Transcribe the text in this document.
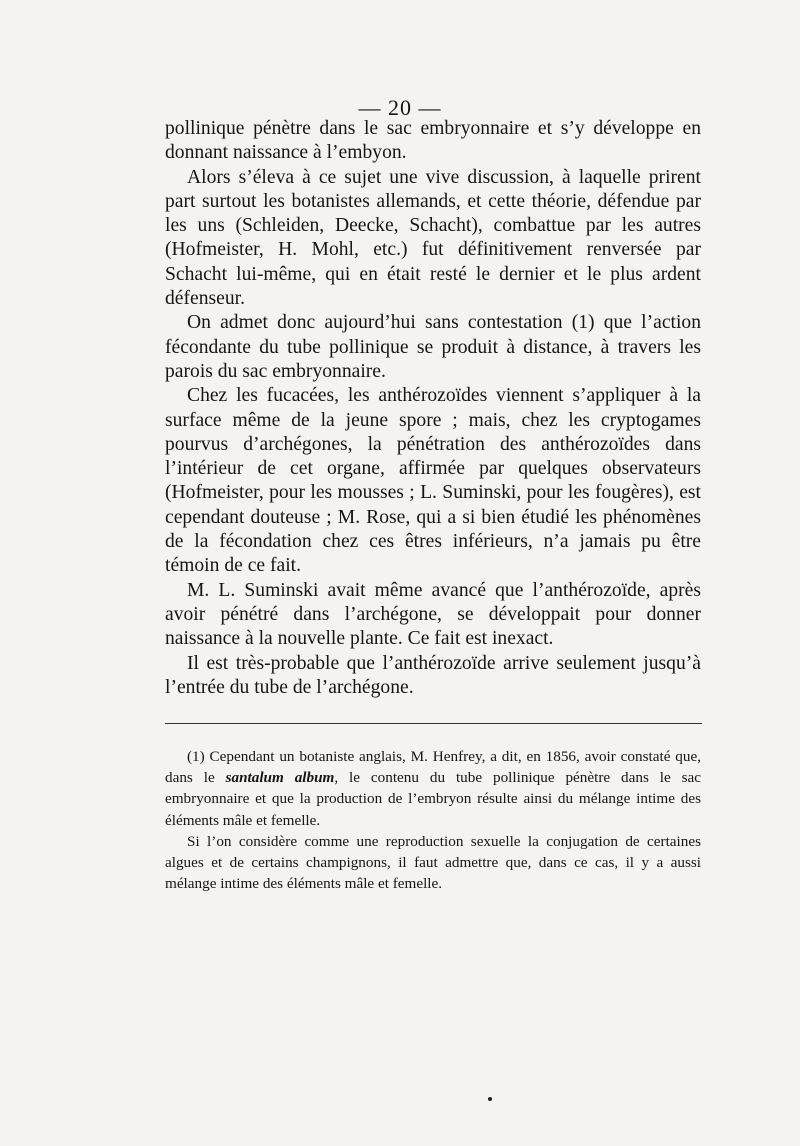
— 20 —

pollinique pénètre dans le sac embryonnaire et s’y développe en donnant naissance à l’embyon.

Alors s’éleva à ce sujet une vive discussion, à laquelle prirent part surtout les botanistes allemands, et cette théorie, défendue par les uns (Schleiden, Deecke, Schacht), combattue par les autres (Hofmeister, H. Mohl, etc.) fut définitivement renversée par Schacht lui-même, qui en était resté le dernier et le plus ardent défenseur.

On admet donc aujourd’hui sans contestation (1) que l’action fécondante du tube pollinique se produit à distance, à travers les parois du sac embryonnaire.

Chez les fucacées, les anthérozoïdes viennent s’appliquer à la surface même de la jeune spore ; mais, chez les cryptogames pourvus d’archégones, la pénétration des anthérozoïdes dans l’intérieur de cet organe, affirmée par quelques observateurs (Hofmeister, pour les mousses ; L. Suminski, pour les fougères), est cependant douteuse ; M. Rose, qui a si bien étudié les phénomènes de la fécondation chez ces êtres inférieurs, n’a jamais pu être témoin de ce fait.

M. L. Suminski avait même avancé que l’anthérozoïde, après avoir pénétré dans l’archégone, se développait pour donner naissance à la nouvelle plante. Ce fait est inexact.

Il est très-probable que l’anthérozoïde arrive seulement jusqu’à l’entrée du tube de l’archégone.

(1) Cependant un botaniste anglais, M. Henfrey, a dit, en 1856, avoir constaté que, dans le santalum album, le contenu du tube pollinique pénètre dans le sac embryonnaire et que la production de l’embryon résulte ainsi du mélange intime des éléments mâle et femelle.

Si l’on considère comme une reproduction sexuelle la conjugation de certaines algues et de certains champignons, il faut admettre que, dans ce cas, il y a aussi mélange intime des éléments mâle et femelle.
